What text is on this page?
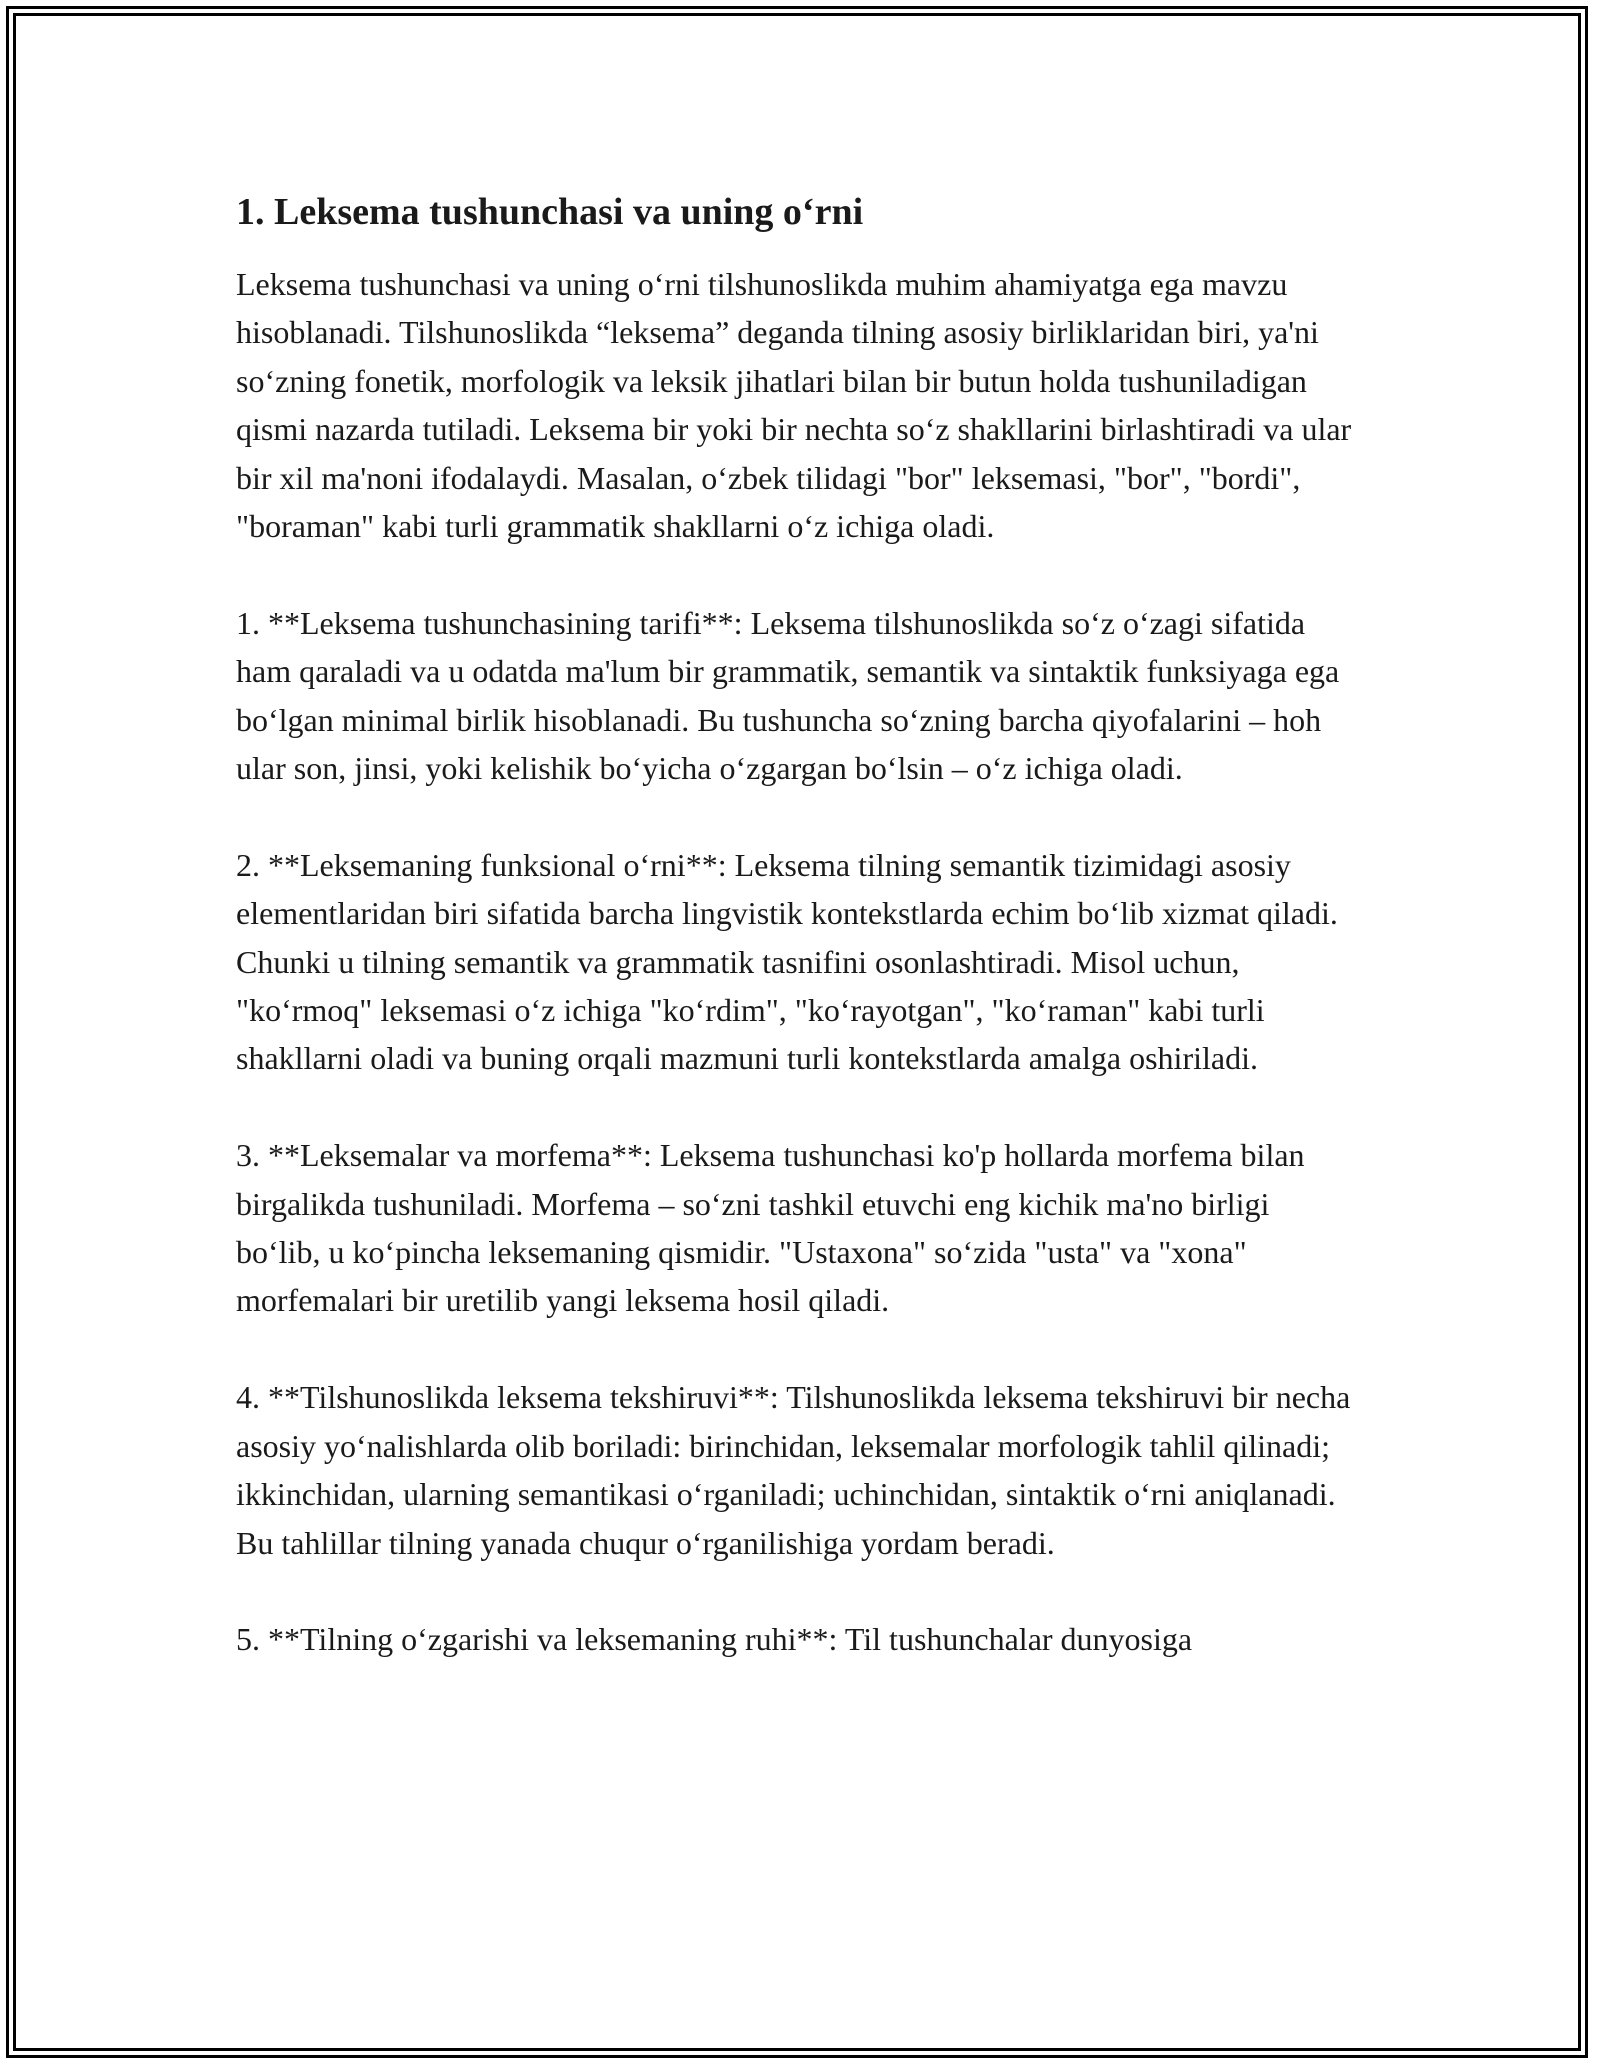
1. Leksema tushunchasi va uning o‘rni

Leksema tushunchasi va uning o‘rni tilshunoslikda muhim ahamiyatga ega mavzu hisoblanadi. Tilshunoslikda “leksema” deganda tilning asosiy birliklaridan biri, ya'ni so‘zning fonetik, morfologik va leksik jihatlari bilan bir butun holda tushuniladigan qismi nazarda tutiladi. Leksema bir yoki bir nechta so‘z shakllarini birlashtiradi va ular bir xil ma'noni ifodalaydi. Masalan, o‘zbek tilidagi "bor" leksemasi, "bor", "bordi", "boraman" kabi turli grammatik shakllarni o‘z ichiga oladi.

1. **Leksema tushunchasining tarifi**: Leksema tilshunoslikda so‘z o‘zagi sifatida ham qaraladi va u odatda ma'lum bir grammatik, semantik va sintaktik funksiyaga ega bo‘lgan minimal birlik hisoblanadi. Bu tushuncha so‘zning barcha qiyofalarini – hoh ular son, jinsi, yoki kelishik bo‘yicha o‘zgargan bo‘lsin – o‘z ichiga oladi.

2. **Leksemaning funksional o‘rni**: Leksema tilning semantik tizimidagi asosiy elementlaridan biri sifatida barcha lingvistik kontekstlarda echim bo‘lib xizmat qiladi. Chunki u tilning semantik va grammatik tasnifini osonlashtiradi. Misol uchun, "ko‘rmoq" leksemasi o‘z ichiga "ko‘rdim", "ko‘rayotgan", "ko‘raman" kabi turli shakllarni oladi va buning orqali mazmuni turli kontekstlarda amalga oshiriladi.

3. **Leksemalar va morfema**: Leksema tushunchasi ko'p hollarda morfema bilan birgalikda tushuniladi. Morfema – so‘zni tashkil etuvchi eng kichik ma'no birligi bo‘lib, u ko‘pincha leksemaning qismidir. "Ustaxona" so‘zida "usta" va "xona" morfemalari bir uretilib yangi leksema hosil qiladi.

4. **Tilshunoslikda leksema tekshiruvi**: Tilshunoslikda leksema tekshiruvi bir necha asosiy yo‘nalishlarda olib boriladi: birinchidan, leksemalar morfologik tahlil qilinadi; ikkinchidan, ularning semantikasi o‘rganiladi; uchinchidan, sintaktik o‘rni aniqlanadi. Bu tahlillar tilning yanada chuqur o‘rganilishiga yordam beradi.

5. **Tilning o‘zgarishi va leksemaning ruhi**: Til tushunchalar dunyosiga
